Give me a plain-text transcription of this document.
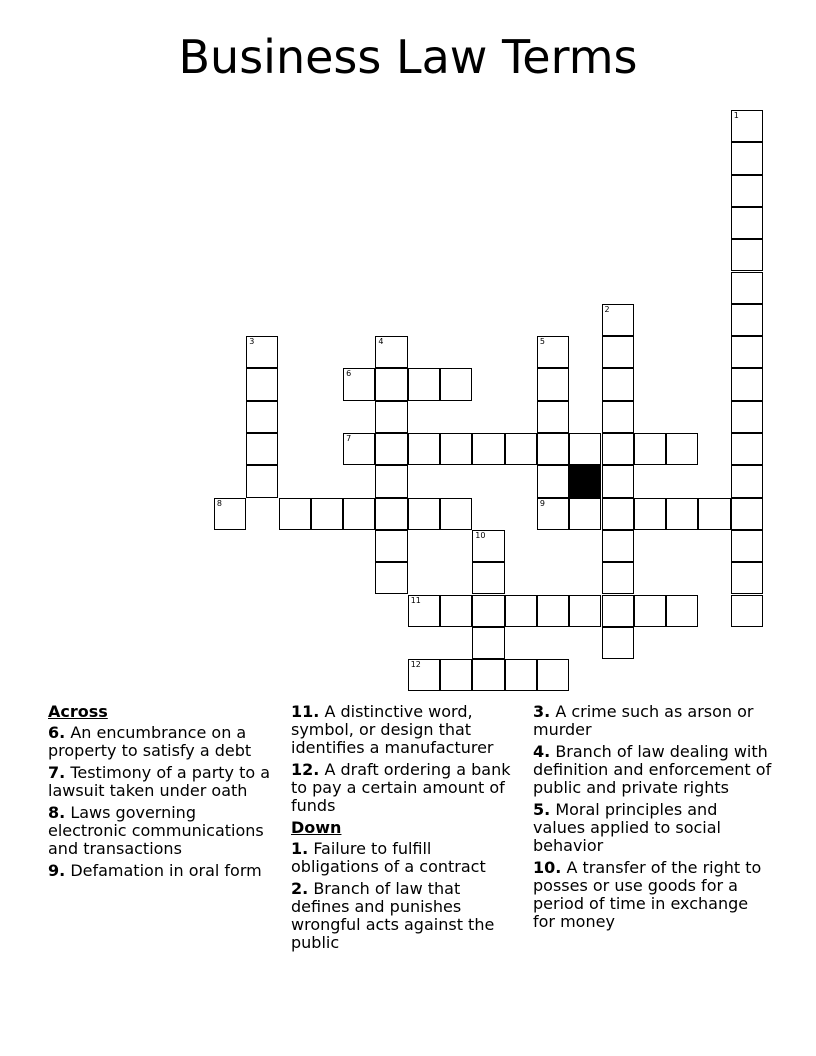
Business Law Terms
1
2
3	4	5
6
7
8	9
10
11
12
Across
6. An encumbrance on a property to satisfy a debt
7. Testimony of a party to a lawsuit taken under oath
8. Laws governing electronic communications and transactions
9. Defamation in oral form
11. A distinctive word, symbol, or design that identifies a manufacturer
12. A draft ordering a bank to pay a certain amount of funds
Down
1. Failure to fulfill obligations of a contract
2. Branch of law that defines and punishes wrongful acts against the public
3. A crime such as arson or murder
4. Branch of law dealing with definition and enforcement of public and private rights
5. Moral principles and values applied to social behavior
10. A transfer of the right to posses or use goods for a period of time in exchange for money
